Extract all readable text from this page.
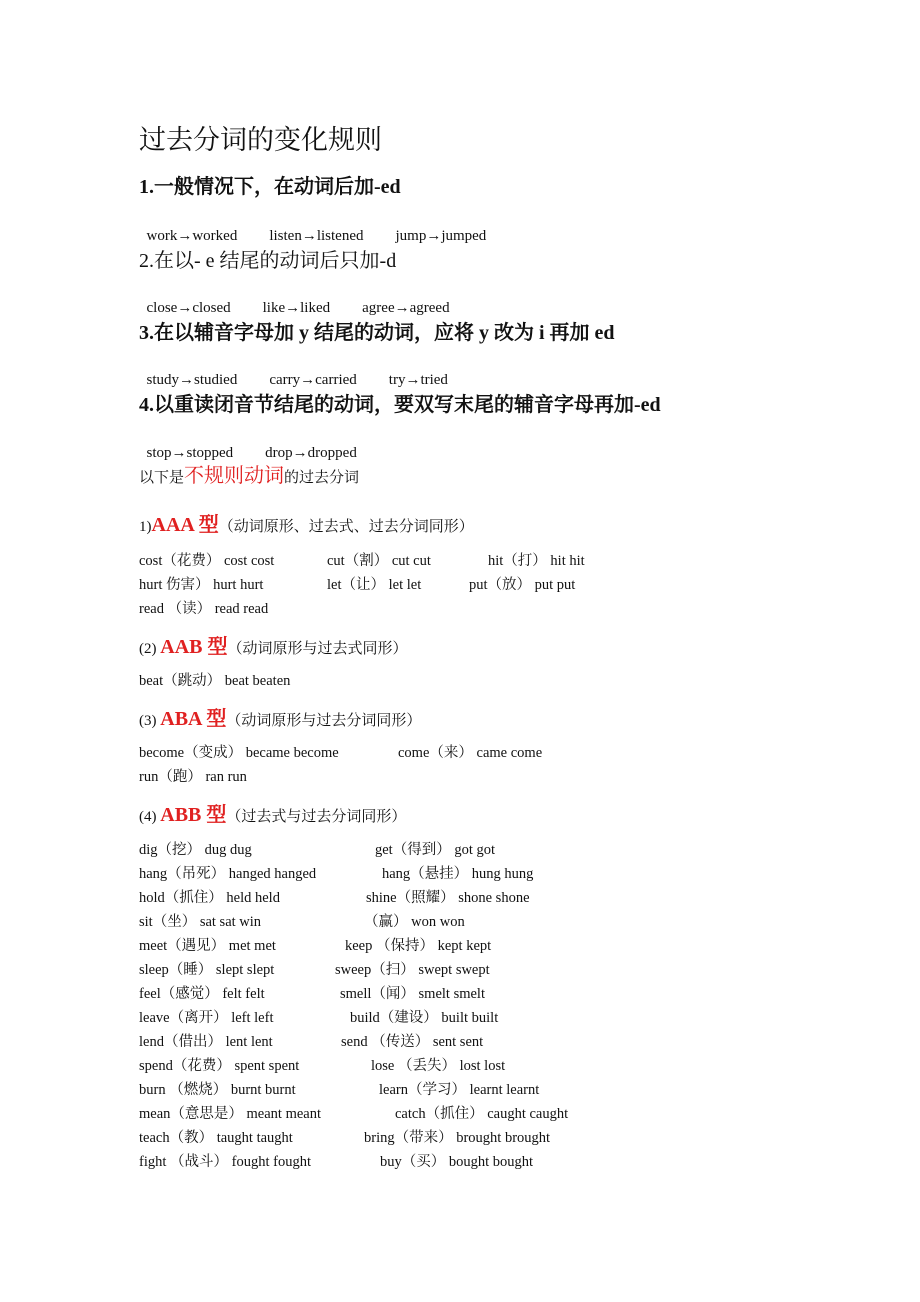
过去分词的变化规则
1.一般情况下，在动词后加-ed

work→worked listen→listened jump→jumped

2.在以- e 结尾的动词后只加-d

close→closed like→liked agree→agreed

3.在以辅音字母加 y 结尾的动词，应将 y 改为 i 再加 ed

study→studied carry→carried try→tried

4.以重读闭音节结尾的动词，要双写末尾的辅音字母再加-ed

stop→stopped drop→dropped

以下是不规则动词的过去分词
1)AAA 型（动词原形、过去式、过去分词同形）
cost（花费） cost cost	cut（割） cut cut	hit（打） hit hit
hurt 伤害） hurt hurt	let（让） let let	put（放） put put
read （读） read read
(2) AAB 型（动词原形与过去式同形）
beat（跳动） beat beaten
(3) ABA 型（动词原形与过去分词同形）
become（变成） became become	come（来） came come
run（跑） ran run
(4) ABB 型（过去式与过去分词同形）
dig（挖） dug dug	get（得到） got got
hang（吊死） hanged hanged	hang（悬挂） hung hung
hold（抓住） held held	shine（照耀） shone shone
sit（坐） sat sat win	（赢） won won
meet（遇见） met met	keep （保持） kept kept
sleep（睡） slept slept	sweep（扫） swept swept
feel（感觉） felt felt	smell（闻） smelt smelt
leave（离开） left left	build（建设） built built
lend（借出） lent lent	send （传送） sent sent
spend（花费） spent spent	lose （丢失） lost lost
burn （燃烧） burnt burnt	learn（学习） learnt learnt
mean（意思是） meant meant	catch（抓住） caught caught
teach（教） taught taught	bring（带来） brought brought
fight （战斗） fought fought	buy（买） bought bought
